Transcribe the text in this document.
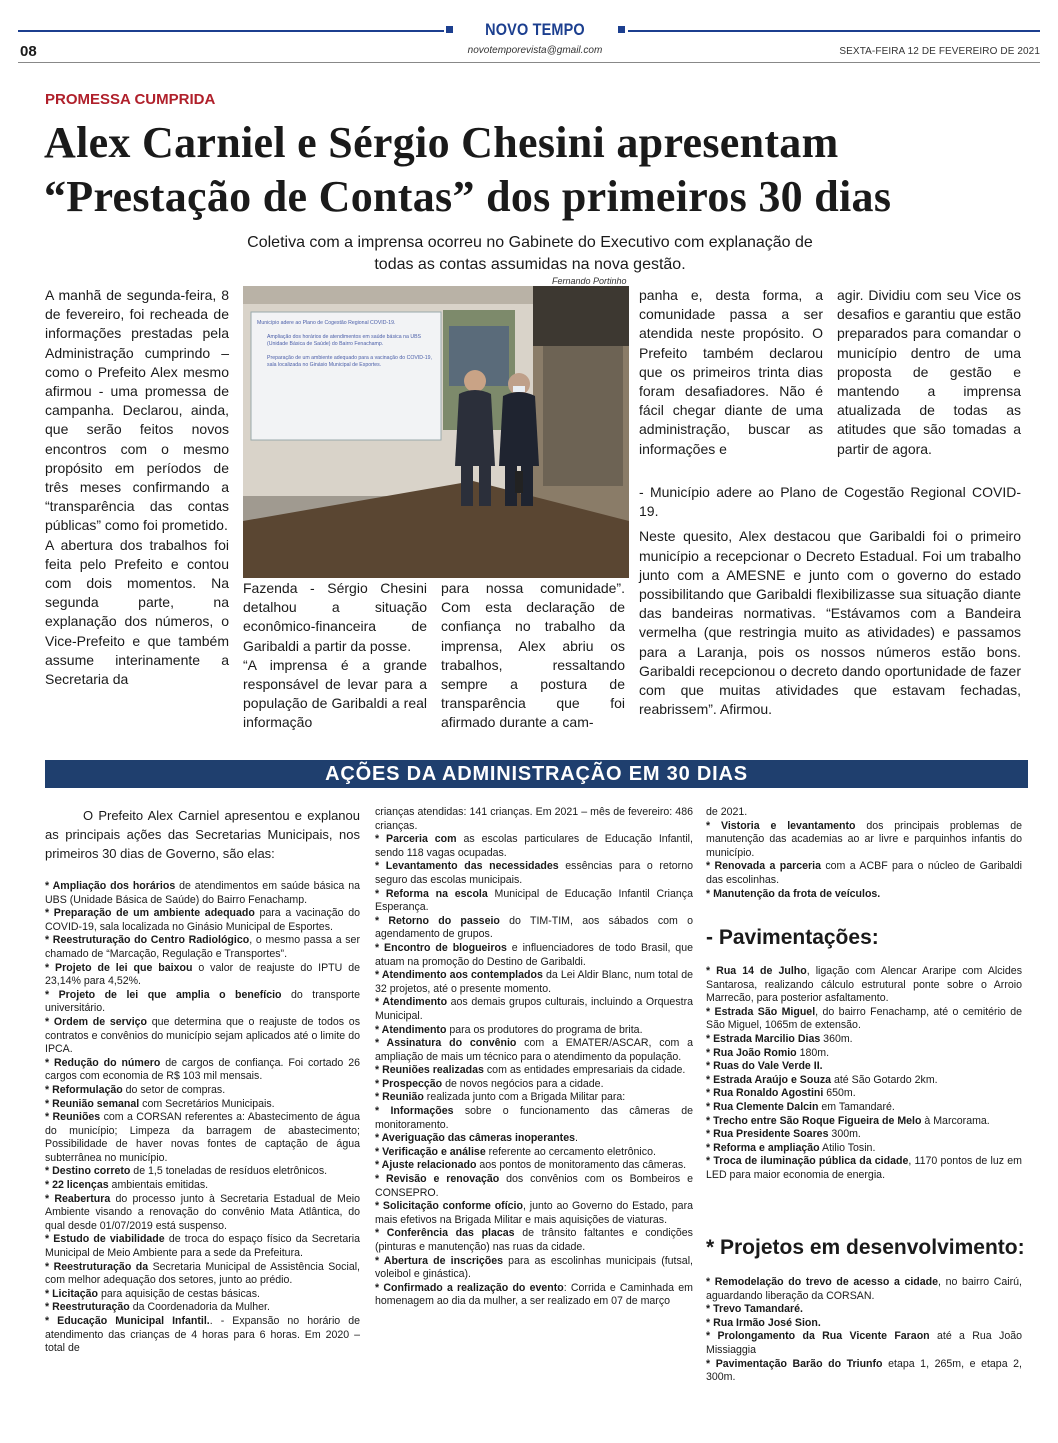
NOVO TEMPO
08	novotemporevista@gmail.com	SEXTA-FEIRA 12 DE FEVEREIRO DE 2021
PROMESSA CUMPRIDA
Alex Carniel e Sérgio Chesini apresentam
“Prestação de Contas” dos primeiros 30 dias
Coletiva com a imprensa ocorreu no Gabinete do Executivo com explanação de
todas as contas assumidas na nova gestão.
Fernando Portinho

A manhã de segunda-feira, 8 de fevereiro, foi recheada de informações prestadas pela Administração cumprindo – como o Prefeito Alex mesmo afirmou - uma promessa de campanha. Declarou, ainda, que serão feitos novos encontros com o mesmo propósito em períodos de três meses confirmando a “transparência das contas públicas” como foi prometido.

A abertura dos trabalhos foi feita pelo Prefeito e contou com dois momentos. Na segunda parte, na explanação dos números, o Vice-Prefeito e que também assume interinamente a Secretaria da

Município adere ao Plano de Cogestão Regional COVID-19.
Ampliação dos horários de atendimentos em saúde básica na UBS (Unidade Básica de Saúde) do Bairro Fenachamp.
Preparação de um ambiente adequado para a vacinação do COVID-19, sala localizada no Ginásio Municipal de Esportes.

Fazenda - Sérgio Chesini detalhou a situação econômico-financeira de Garibaldi a partir da posse.

“A imprensa é a grande responsável de levar para a população de Garibaldi a real informação

para nossa comunidade”. Com esta declaração de confiança no trabalho da imprensa, Alex abriu os trabalhos, ressaltando sempre a postura de transparência que foi afirmado durante a cam-

panha e, desta forma, a comunidade passa a ser atendida neste propósito. O Prefeito também declarou que os primeiros trinta dias foram desafiadores. Não é fácil chegar diante de uma administração, buscar as informações e

agir. Dividiu com seu Vice os desafios e garantiu que estão preparados para comandar o município dentro de uma proposta de gestão e mantendo a imprensa atualizada de todas as atitudes que são tomadas a partir de agora.

- Município adere ao Plano de Cogestão Regional COVID-19.

Neste quesito, Alex destacou que Garibaldi foi o primeiro município a recepcionar o Decreto Estadual. Foi um trabalho junto com a AMESNE e junto com o governo do estado possibilitando que Garibaldi flexibilizasse sua situação diante das bandeiras normativas. “Estávamos com a Bandeira vermelha (que restringia muito as atividades) e passamos para a Laranja, pois os nossos números estão bons. Garibaldi recepcionou o decreto dando oportunidade de fazer com que muitas atividades que estavam fechadas, reabrissem”. Afirmou.

AÇÕES DA ADMINISTRAÇÃO EM 30 DIAS
O Prefeito Alex Carniel apresentou e explanou as principais ações das Secretarias Municipais, nos primeiros 30 dias de Governo, são elas:

* Ampliação dos horários de atendimentos em saúde básica na UBS (Unidade Básica de Saúde) do Bairro Fenachamp.

* Preparação de um ambiente adequado para a vacinação do COVID-19, sala localizada no Ginásio Municipal de Esportes.

* Reestruturação do Centro Radiológico, o mesmo passa a ser chamado de “Marcação, Regulação e Transportes”.

* Projeto de lei que baixou o valor de reajuste do IPTU de 23,14% para 4,52%.

* Projeto de lei que amplia o benefício do transporte universitário.

* Ordem de serviço que determina que o reajuste de todos os contratos e convênios do município sejam aplicados até o limite do IPCA.

* Redução do número de cargos de confiança. Foi cortado 26 cargos com economia de R$ 103 mil mensais.

* Reformulação do setor de compras.

* Reunião semanal com Secretários Municipais.

* Reuniões com a CORSAN referentes a: Abastecimento de água do município; Limpeza da barragem de abastecimento; Possibilidade de haver novas fontes de captação de água subterrânea no município.

* Destino correto de 1,5 toneladas de resíduos eletrônicos.

* 22 licenças ambientais emitidas.

* Reabertura do processo junto à Secretaria Estadual de Meio Ambiente visando a renovação do convênio Mata Atlântica, do qual desde 01/07/2019 está suspenso.

* Estudo de viabilidade de troca do espaço físico da Secretaria Municipal de Meio Ambiente para a sede da Prefeitura.

* Reestruturação da Secretaria Municipal de Assistência Social, com melhor adequação dos setores, junto ao prédio.

* Licitação para aquisição de cestas básicas.

* Reestruturação da Coordenadoria da Mulher.

* Educação Municipal Infantil.. - Expansão no horário de atendimento das crianças de 4 horas para 6 horas. Em 2020 – total de

crianças atendidas: 141 crianças. Em 2021 – mês de fevereiro: 486 crianças.

* Parceria com as escolas particulares de Educação Infantil, sendo 118 vagas ocupadas.

* Levantamento das necessidades essências para o retorno seguro das escolas municipais.

* Reforma na escola Municipal de Educação Infantil Criança Esperança.

* Retorno do passeio do TIM-TIM, aos sábados com o agendamento de grupos.

* Encontro de blogueiros e influenciadores de todo Brasil, que atuam na promoção do Destino de Garibaldi.

* Atendimento aos contemplados da Lei Aldir Blanc, num total de 32 projetos, até o presente momento.

* Atendimento aos demais grupos culturais, incluindo a Orquestra Municipal.

* Atendimento para os produtores do programa de brita.

* Assinatura do convênio com a EMATER/ASCAR, com a ampliação de mais um técnico para o atendimento da população.

* Reuniões realizadas com as entidades empresariais da cidade.

* Prospecção de novos negócios para a cidade.

* Reunião realizada junto com a Brigada Militar para:

* Informações sobre o funcionamento das câmeras de monitoramento.

* Averiguação das câmeras inoperantes.

* Verificação e análise referente ao cercamento eletrônico.

* Ajuste relacionado aos pontos de monitoramento das câmeras.

* Revisão e renovação dos convênios com os Bombeiros e CONSEPRO.

* Solicitação conforme ofício, junto ao Governo do Estado, para mais efetivos na Brigada Militar e mais aquisições de viaturas.

* Conferência das placas de trânsito faltantes e condições (pinturas e manutenção) nas ruas da cidade.

* Abertura de inscrições para as escolinhas municipais (futsal, voleibol e ginástica).

* Confirmado a realização do evento: Corrida e Caminhada em homenagem ao dia da mulher, a ser realizado em 07 de março

de 2021.

* Vistoria e levantamento dos principais problemas de manutenção das academias ao ar livre e parquinhos infantis do município.

* Renovada a parceria com a ACBF para o núcleo de Garibaldi das escolinhas.

* Manutenção da frota de veículos.

- Pavimentações:

* Rua 14 de Julho, ligação com Alencar Araripe com Alcides Santarosa, realizando cálculo estrutural ponte sobre o Arroio Marrecão, para posterior asfaltamento.

* Estrada São Miguel, do bairro Fenachamp, até o cemitério de São Miguel, 1065m de extensão.

* Estrada Marcilio Dias 360m.

* Rua João Romio 180m.

* Ruas do Vale Verde II.

* Estrada Araújo e Souza até São Gotardo 2km.

* Rua Ronaldo Agostini 650m.

* Rua Clemente Dalcin em Tamandaré.

* Trecho entre São Roque Figueira de Melo à Marcorama.

* Rua Presidente Soares 300m.

* Reforma e ampliação Atilio Tosin.

* Troca de iluminação pública da cidade, 1170 pontos de luz em LED para maior economia de energia.

* Projetos em desenvolvimento:

* Remodelação do trevo de acesso a cidade, no bairro Cairú, aguardando liberação da CORSAN.

* Trevo Tamandaré.

* Rua Irmão José Sion.

* Prolongamento da Rua Vicente Faraon até a Rua João Missiaggia

* Pavimentação Barão do Triunfo etapa 1, 265m, e etapa 2, 300m.
